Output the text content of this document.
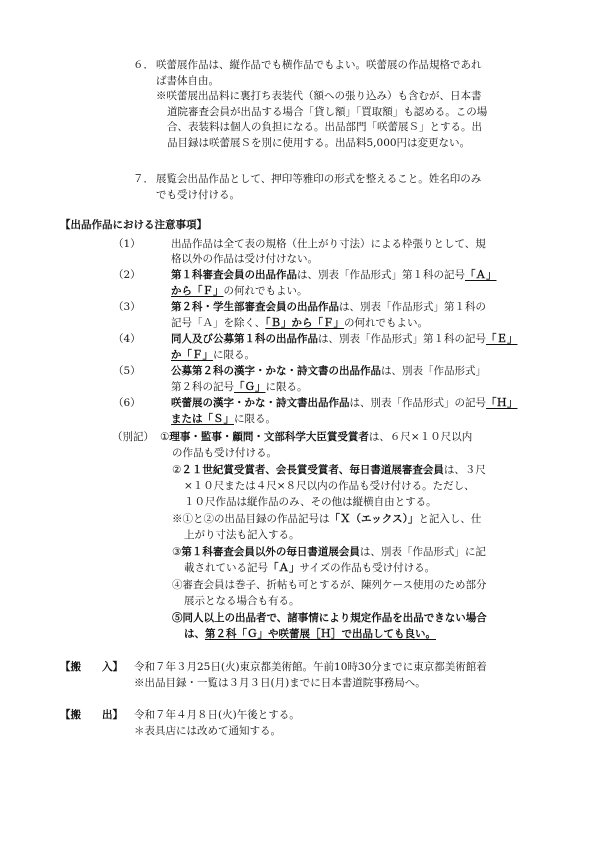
６． 咲蕾展作品は、縦作品でも横作品でもよい。咲蕾展の作品規格であれ
ば書体自由。
※咲蕾展出品料に裏打ち表装代（額への張り込み）も含むが、日本書
道院審査会員が出品する場合「貸し額」「買取額」も認める。この場
合、表装料は個人の負担になる。出品部門「咲蕾展Ｓ」とする。出
品目録は咲蕾展Ｓを別に使用する。出品料5,000円は変更ない。
７． 展覧会出品作品として、押印等雅印の形式を整えること。姓名印のみ
でも受け付ける。
【出品作品における注意事項】
（1）	出品作品は全て表の規格（仕上がり寸法）による枠張りとして、規
格以外の作品は受け付けない。
（2）	第１科審査会員の出品作品は、別表「作品形式」第１科の記号「Ａ」
から「Ｆ」の何れでもよい。
（3）	第２科・学生部審査会員の出品作品は、別表「作品形式」第１科の
記号「Ａ」を除く、「Ｂ」から「Ｆ」の何れでもよい。
（4）	同人及び公募第１科の出品作品は、別表「作品形式」第１科の記号「Ｅ」
か「Ｆ」に限る。
（5）	公募第２科の漢字・かな・詩文書の出品作品は、別表「作品形式」
第２科の記号「Ｇ」に限る。
（6）	咲蕾展の漢字・かな・詩文書出品作品は、別表「作品形式」の記号「Ｈ」
または「Ｓ」に限る。
（別記） ①理事・監事・顧問・文部科学大臣賞受賞者は、６尺×１０尺以内
の作品も受け付ける。
②２１世紀賞受賞者、会長賞受賞者、毎日書道展審査会員は、３尺
×１０尺または４尺×８尺以内の作品も受け付ける。ただし、
１０尺作品は縦作品のみ、その他は縦横自由とする。
※①と②の出品目録の作品記号は「Ｘ（エックス）」と記入し、仕
上がり寸法も記入する。
③第１科審査会員以外の毎日書道展会員は、別表「作品形式」に記
載されている記号「Ａ」サイズの作品も受け付ける。
④審査会員は巻子、折帖も可とするが、陳列ケース使用のため部分
展示となる場合も有る。
⑤同人以上の出品者で、諸事情により規定作品を出品できない場合
は、第２科「Ｇ」や咲蕾展［Ｈ］で出品しても良い。
【搬　　入】 令和７年３月25日(火)東京都美術館。午前10時30分までに東京都美術館着
※出品目録・一覧は３月３日(月)までに日本書道院事務局へ。
【搬　　出】 令和７年４月８日(火)午後とする。
＊表具店には改めて通知する。
